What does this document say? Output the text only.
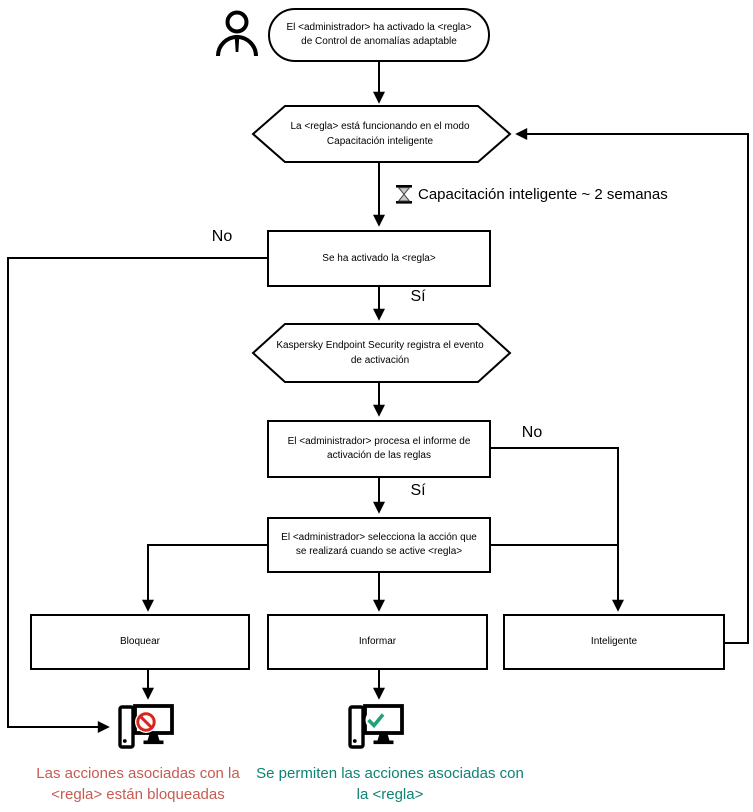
El <administrador> ha activado la <regla>
de Control de anomalías adaptable
La <regla> está funcionando en el modo
Capacitación inteligente
Kaspersky Endpoint Security registra el evento
de activación
Se ha activado la <regla>
El <administrador> procesa el informe de
activación de las reglas
El <administrador> selecciona la acción que
se realizará cuando se active <regla>
Bloquear	Informar	Inteligente
No
Sí
No
Sí
Capacitación inteligente ~ 2 semanas
Las acciones asociadas con la
<regla> están bloqueadas
Se permiten las acciones asociadas con
la <regla>
